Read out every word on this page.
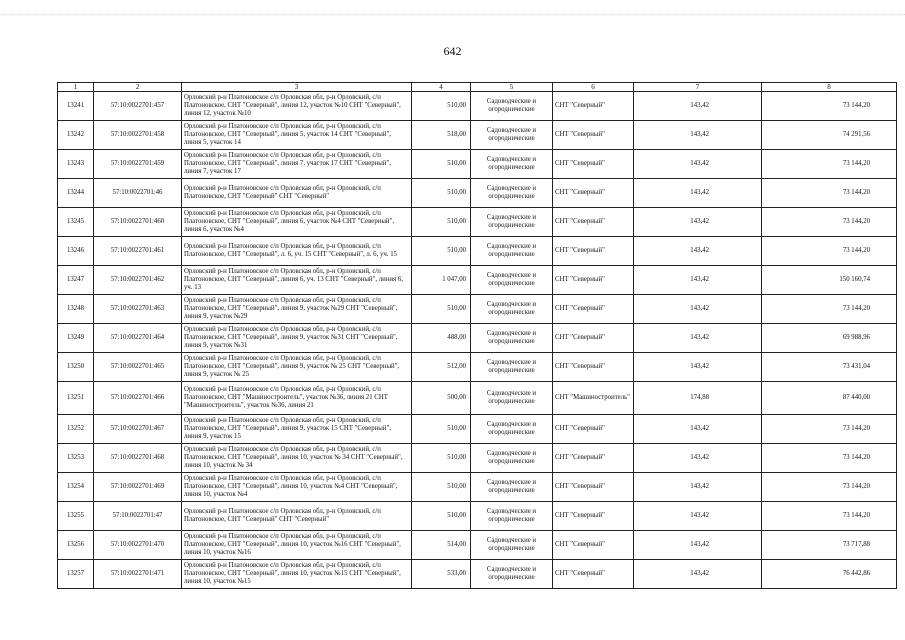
642
1	2	3	4	5	6	7	8
13241	57:10:0022701:457	Орловский р-н Платоновское с/п Орловская обл, р-н Орловский, с/п Платоновское, СНТ "Северный", линия 12, участок №10 СНТ "Северный", линия 12, участок №10	510,00	Садоводческие и огороднические	СНТ "Северный"	143,42	73 144,20
13242	57:10:0022701:458	Орловский р-н Платоновское с/п Орловская обл, р-н Орловский, с/п Платоновское, СНТ "Северный", линия 5, участок 14 СНТ "Северный", линия 5, участок 14	518,00	Садоводческие и огороднические	СНТ "Северный"	143,42	74 291,56
13243	57:10:0022701:459	Орловский р-н Платоновское с/п Орловская обл, р-н Орловский, с/п Платоновское, СНТ "Северный", линия 7, участок 17 СНТ "Северный", линия 7, участок 17	510,00	Садоводческие и огороднические	СНТ "Северный"	143,42	73 144,20
13244	57:10:0022701:46	Орловский р-н Платоновское с/п Орловская обл, р-н Орловский, с/п Платоновское, СНТ "Северный" СНТ "Северный"	510,00	Садоводческие и огороднические	СНТ "Северный"	143,42	73 144,20
13245	57:10:0022701:460	Орловский р-н Платоновское с/п Орловская обл, р-н Орловский, с/п Платоновское, СНТ "Северный", линия 6, участок №4 СНТ "Северный", линия 6, участок №4	510,00	Садоводческие и огороднические	СНТ "Северный"	143,42	73 144,20
13246	57:10:0022701:461	Орловский р-н Платоновское с/п Орловская обл, р-н Орловский, с/п Платоновское, СНТ "Северный", л. 6, уч. 15 СНТ "Северный", л. 6, уч. 15	510,00	Садоводческие и огороднические	СНТ "Северный"	143,42	73 144,20
13247	57:10:0022701:462	Орловский р-н Платоновское с/п Орловская обл, р-н Орловский, с/п Платоновское, СНТ "Северный", линия 6, уч. 13 СНТ "Северный", линия 6, уч. 13	1 047,00	Садоводческие и огороднические	СНТ "Северный"	143,42	150 160,74
13248	57:10:0022701:463	Орловский р-н Платоновское с/п Орловская обл, р-н Орловский, с/п Платоновское, СНТ "Северный", линия 9, участок №29 СНТ "Северный", линия 9, участок №29	510,00	Садоводческие и огороднические	СНТ "Северный"	143,42	73 144,20
13249	57:10:0022701:464	Орловский р-н Платоновское с/п Орловская обл, р-н Орловский, с/п Платоновское, СНТ "Северный", линия 9, участок №31 СНТ "Северный", линия 9, участок №31	488,00	Садоводческие и огороднические	СНТ "Северный"	143,42	69 988,96
13250	57:10:0022701:465	Орловский р-н Платоновское с/п Орловская обл, р-н Орловский, с/п Платоновское, СНТ "Северный", линия 9, участок № 25 СНТ "Северный", линия 9, участок № 25	512,00	Садоводческие и огороднические	СНТ "Северный"	143,42	73 431,04
13251	57:10:0022701:466	Орловский р-н Платоновское с/п Орловская обл, р-н Орловский, с/п Платоновское, СНТ "Машиностроитель", участок №36, линия 21 СНТ "Машиностроитель", участок №36, линия 21	500,00	Садоводческие и огороднические	СНТ "Машиностроитель"	174,88	87 440,00
13252	57:10:0022701:467	Орловский р-н Платоновское с/п Орловская обл, р-н Орловский, с/п Платоновское, СНТ "Северный", линия 9, участок 15 СНТ "Северный", линия 9, участок 15	510,00	Садоводческие и огороднические	СНТ "Северный"	143,42	73 144,20
13253	57:10:0022701:468	Орловский р-н Платоновское с/п Орловская обл, р-н Орловский, с/п Платоновское, СНТ "Северный", линия 10, участок № 34 СНТ "Северный", линия 10, участок № 34	510,00	Садоводческие и огороднические	СНТ "Северный"	143,42	73 144,20
13254	57:10:0022701:469	Орловский р-н Платоновское с/п Орловская обл, р-н Орловский, с/п Платоновское, СНТ "Северный", линия 10, участок №4 СНТ "Северный", линия 10, участок №4	510,00	Садоводческие и огороднические	СНТ "Северный"	143,42	73 144,20
13255	57:10:0022701:47	Орловский р-н Платоновское с/п Орловская обл, р-н Орловский, с/п Платоновское, СНТ "Северный" СНТ "Северный"	510,00	Садоводческие и огороднические	СНТ "Северный"	143,42	73 144,20
13256	57:10:0022701:470	Орловский р-н Платоновское с/п Орловская обл, р-н Орловский, с/п Платоновское, СНТ "Северный", линия 10, участок №16 СНТ "Северный", линия 10, участок №16	514,00	Садоводческие и огороднические	СНТ "Северный"	143,42	73 717,88
13257	57:10:0022701:471	Орловский р-н Платоновское с/п Орловская обл, р-н Орловский, с/п Платоновское, СНТ "Северный", линия 10, участок №15 СНТ "Северный", линия 10, участок №15	533,00	Садоводческие и огороднические	СНТ "Северный"	143,42	76 442,86
